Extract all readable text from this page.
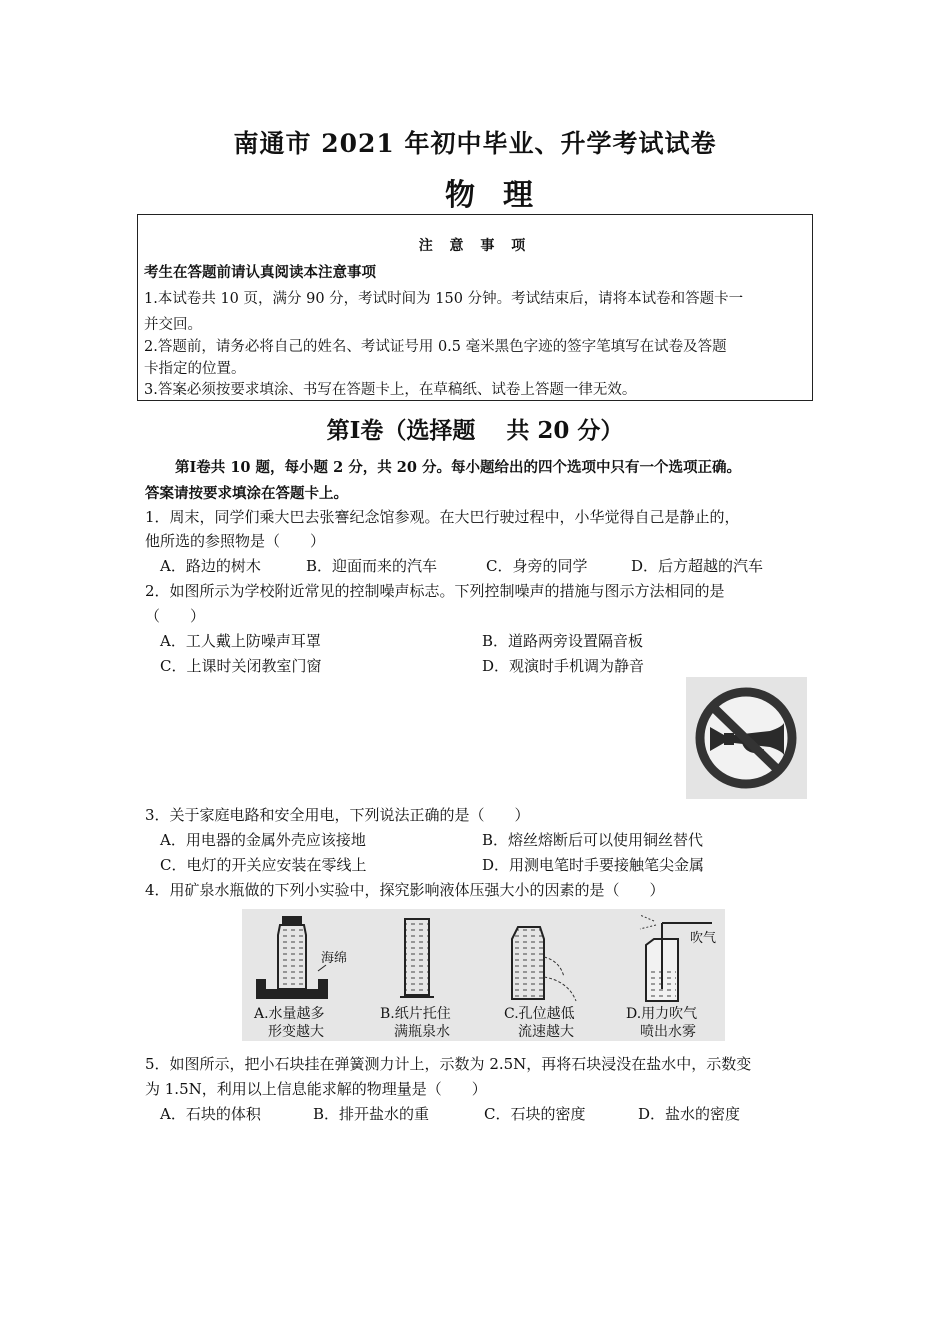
南通市 2021 年初中毕业、升学考试试卷
物理
注 意 事 项
考生在答题前请认真阅读本注意事项
1.本试卷共 10 页，满分 90 分，考试时间为 150 分钟。考试结束后，请将本试卷和答题卡一
并交回。
2.答题前，请务必将自己的姓名、考试证号用 0.5 毫米黑色字迹的签字笔填写在试卷及答题
卡指定的位置。
3.答案必须按要求填涂、书写在答题卡上，在草稿纸、试卷上答题一律无效。
第Ⅰ卷（选择题　 共 20 分）
第Ⅰ卷共 10 题，每小题 2 分，共 20 分。每小题给出的四个选项中只有一个选项正确。
答案请按要求填涂在答题卡上。
1．周末，同学们乘大巴去张謇纪念馆参观。在大巴行驶过程中，小华觉得自己是静止的，
他所选的参照物是（　　）
A．路边的树木	B．迎面而来的汽车	C．身旁的同学	D．后方超越的汽车
2．如图所示为学校附近常见的控制噪声标志。下列控制噪声的措施与图示方法相同的是
（　　）
A．工人戴上防噪声耳罩	B．道路两旁设置隔音板
C．上课时关闭教室门窗	D．观演时手机调为静音
3．关于家庭电路和安全用电，下列说法正确的是（　　）
A．用电器的金属外壳应该接地	B．熔丝熔断后可以使用铜丝替代
C．电灯的开关应安装在零线上	D．用测电笔时手要接触笔尖金属
4．用矿泉水瓶做的下列小实验中，探究影响液体压强大小的因素的是（　　）
海绵
吹气
A.水量越多
形变越大
B.纸片托住
满瓶泉水
C.孔位越低
流速越大
D.用力吹气
喷出水雾
5．如图所示，把小石块挂在弹簧测力计上，示数为 2.5N，再将石块浸没在盐水中，示数变
为 1.5N，利用以上信息能求解的物理量是（　　）
A．石块的体积	B．排开盐水的重	C．石块的密度	D．盐水的密度
